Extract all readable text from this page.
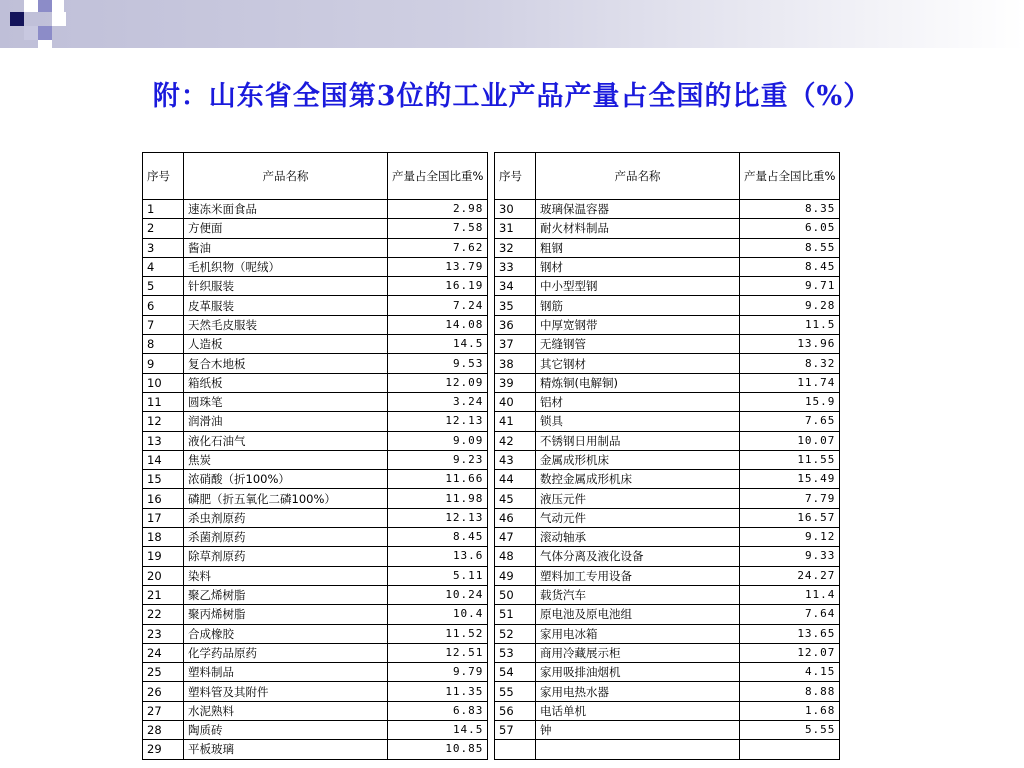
附：山东省全国第3位的工业产品产量占全国的比重（%）
序号	产品名称	产量占全国比重%
1	速冻米面食品	2.98
2	方便面	7.58
3	酱油	7.62
4	毛机织物（呢绒）	13.79
5	针织服装	16.19
6	皮革服装	7.24
7	天然毛皮服装	14.08
8	人造板	14.5
9	复合木地板	9.53
10	箱纸板	12.09
11	圆珠笔	3.24
12	润滑油	12.13
13	液化石油气	9.09
14	焦炭	9.23
15	浓硝酸（折100%）	11.66
16	磷肥（折五氧化二磷100%）	11.98
17	杀虫剂原药	12.13
18	杀菌剂原药	8.45
19	除草剂原药	13.6
20	染料	5.11
21	聚乙烯树脂	10.24
22	聚丙烯树脂	10.4
23	合成橡胶	11.52
24	化学药品原药	12.51
25	塑料制品	9.79
26	塑料管及其附件	11.35
27	水泥熟料	6.83
28	陶质砖	14.5
29	平板玻璃	10.85
序号	产品名称	产量占全国比重%
30	玻璃保温容器	8.35
31	耐火材料制品	6.05
32	粗钢	8.55
33	钢材	8.45
34	中小型型钢	9.71
35	钢筋	9.28
36	中厚宽钢带	11.5
37	无缝钢管	13.96
38	其它钢材	8.32
39	精炼铜(电解铜)	11.74
40	铝材	15.9
41	锁具	7.65
42	不锈钢日用制品	10.07
43	金属成形机床	11.55
44	数控金属成形机床	15.49
45	液压元件	7.79
46	气动元件	16.57
47	滚动轴承	9.12
48	气体分离及液化设备	9.33
49	塑料加工专用设备	24.27
50	载货汽车	11.4
51	原电池及原电池组	7.64
52	家用电冰箱	13.65
53	商用冷藏展示柜	12.07
54	家用吸排油烟机	4.15
55	家用电热水器	8.88
56	电话单机	1.68
57	钟	5.55
